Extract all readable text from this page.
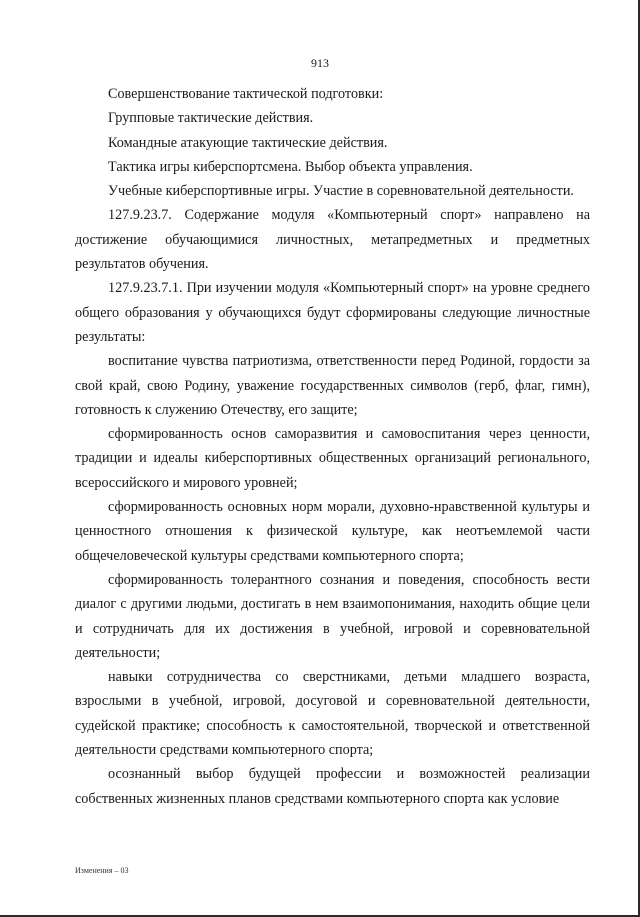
913

Совершенствование тактической подготовки:

Групповые тактические действия.

Командные атакующие тактические действия.

Тактика игры киберспортсмена. Выбор объекта управления.

Учебные киберспортивные игры. Участие в соревновательной деятельности.

127.9.23.7. Содержание модуля «Компьютерный спорт» направлено на достижение обучающимися личностных, метапредметных и предметных результатов обучения.

127.9.23.7.1. При изучении модуля «Компьютерный спорт» на уровне среднего общего образования у обучающихся будут сформированы следующие личностные результаты:

воспитание чувства патриотизма, ответственности перед Родиной, гордости за свой край, свою Родину, уважение государственных символов (герб, флаг, гимн), готовность к служению Отечеству, его защите;

сформированность основ саморазвития и самовоспитания через ценности, традиции и идеалы киберспортивных общественных организаций регионального, всероссийского и мирового уровней;

сформированность основных норм морали, духовно-нравственной культуры и ценностного отношения к физической культуре, как неотъемлемой части общечеловеческой культуры средствами компьютерного спорта;

сформированность толерантного сознания и поведения, способность вести диалог с другими людьми, достигать в нем взаимопонимания, находить общие цели и сотрудничать для их достижения в учебной, игровой и соревновательной деятельности;

навыки сотрудничества со сверстниками, детьми младшего возраста, взрослыми в учебной, игровой, досуговой и соревновательной деятельности, судейской практике; способность к самостоятельной, творческой и ответственной деятельности средствами компьютерного спорта;

осознанный выбор будущей профессии и возможностей реализации собственных жизненных планов средствами компьютерного спорта как условие

Изменения – 03
